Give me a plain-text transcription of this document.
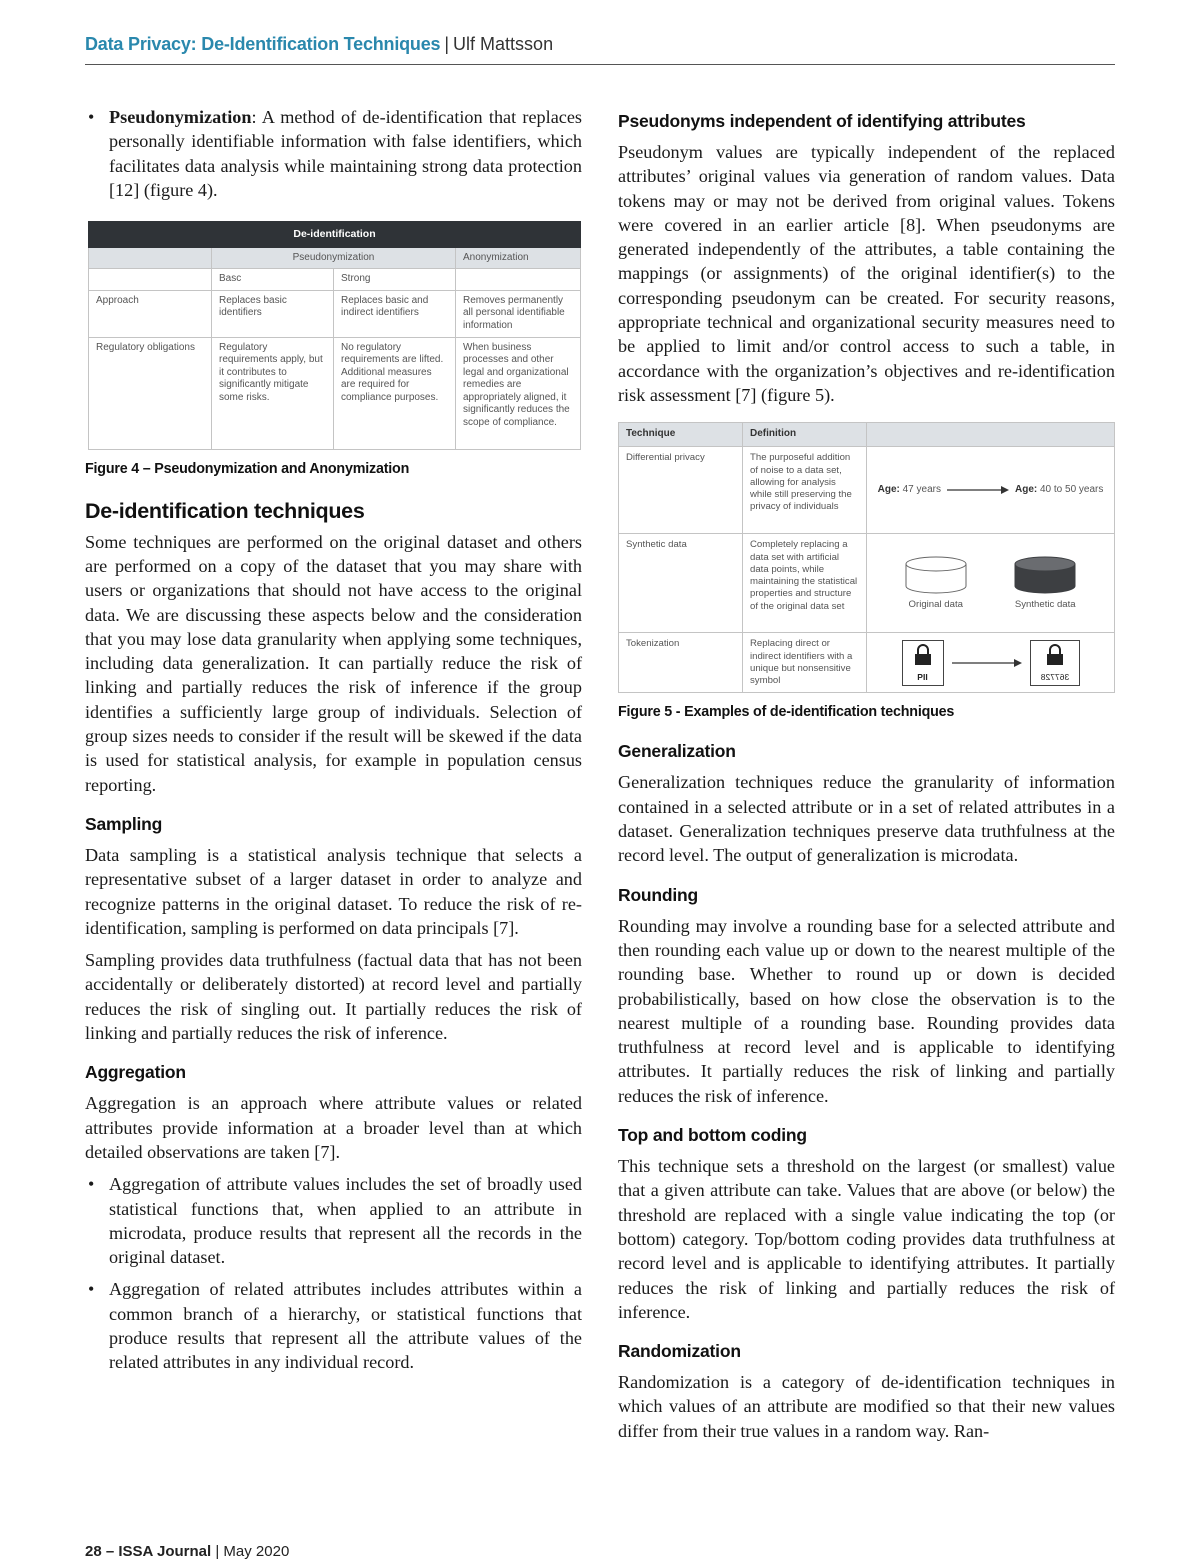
Data Privacy: De-Identification Techniques | Ulf Mattsson
• Pseudonymization: A method of de-identification that replaces personally identifiable information with false identifiers, which facilitates data analysis while maintaining strong data protection [12] (figure 4).
De-identification			
	Pseudonymization		Anonymization
	Basc	Strong	
Approach	Replaces basic identifiers	Replaces basic and indirect identifiers	Removes permanently all personal identifiable information
Regulatory obligations	Regulatory requirements apply, but it contributes to significantly mitigate some risks.	No regulatory requirements are lifted. Additional measures are required for compliance purposes.	When business processes and other legal and organizational remedies are appropriately aligned, it significantly reduces the scope of compliance.
Figure 4 – Pseudonymization and Anonymization
De-identification techniques

Some techniques are performed on the original dataset and others are performed on a copy of the dataset that you may share with users or organizations that should not have access to the original data. We are discussing these aspects below and the consideration that you may lose data granularity when applying some techniques, including data generalization. It can partially reduce the risk of linking and partially reduces the risk of inference if the group identifies a sufficiently large group of individuals. Selection of group sizes needs to consider if the result will be skewed if the data is used for statistical analysis, for example in population census reporting.

Sampling

Data sampling is a statistical analysis technique that selects a representative subset of a larger dataset in order to analyze and recognize patterns in the original dataset. To reduce the risk of re-identification, sampling is performed on data principals [7].

Sampling provides data truthfulness (factual data that has not been accidentally or deliberately distorted) at record level and partially reduces the risk of singling out. It partially reduces the risk of linking and partially reduces the risk of inference.

Aggregation

Aggregation is an approach where attribute values or related attributes provide information at a broader level than at which detailed observations are taken [7].

• Aggregation of attribute values includes the set of broadly used statistical functions that, when applied to an attribute in microdata, produce results that represent all the records in the original dataset.
• Aggregation of related attributes includes attributes within a common branch of a hierarchy, or statistical functions that produce results that represent all the attribute values of the related attributes in any individual record.
Pseudonyms independent of identifying attributes

Pseudonym values are typically independent of the replaced attributes’ original values via generation of random values. Data tokens may or may not be derived from original values. Tokens were covered in an earlier article [8]. When pseudonyms are generated independently of the attributes, a table containing the mappings (or assignments) of the original identifier(s) to the corresponding pseudonym can be created. For security reasons, appropriate technical and organizational security measures need to be applied to limit and/or control access to such a table, in accordance with the organization’s objectives and re-identification risk assessment [7] (figure 5).

Technique	Definition	
Differential privacy	The purposeful addition of noise to a data set, allowing for analysis while still preserving the privacy of individuals	Age: 47 years Age: 40 to 50 years

Synthetic data	Completely replacing a data set with artificial data points, while maintaining the statistical properties and structure of the original data set	Original data Synthetic data

Tokenization	Replacing direct or indirect identifiers with a unique but nonsensitive symbol	PII 367728
Figure 5 - Examples of de-identification techniques
Generalization

Generalization techniques reduce the granularity of information contained in a selected attribute or in a set of related attributes in a dataset. Generalization techniques preserve data truthfulness at the record level. The output of generalization is microdata.

Rounding

Rounding may involve a rounding base for a selected attribute and then rounding each value up or down to the nearest multiple of the rounding base. Whether to round up or down is decided probabilistically, based on how close the observation is to the nearest multiple of a rounding base. Rounding provides data truthfulness at record level and is applicable to identifying attributes. It partially reduces the risk of linking and partially reduces the risk of inference.

Top and bottom coding

This technique sets a threshold on the largest (or smallest) value that a given attribute can take. Values that are above (or below) the threshold are replaced with a single value indicating the top (or bottom) category. Top/bottom coding provides data truthfulness at record level and is applicable to identifying attributes. It partially reduces the risk of linking and partially reduces the risk of inference.

Randomization

Randomization is a category of de-identification techniques in which values of an attribute are modified so that their new values differ from their true values in a random way. Ran-

28 – ISSA Journal | May 2020
